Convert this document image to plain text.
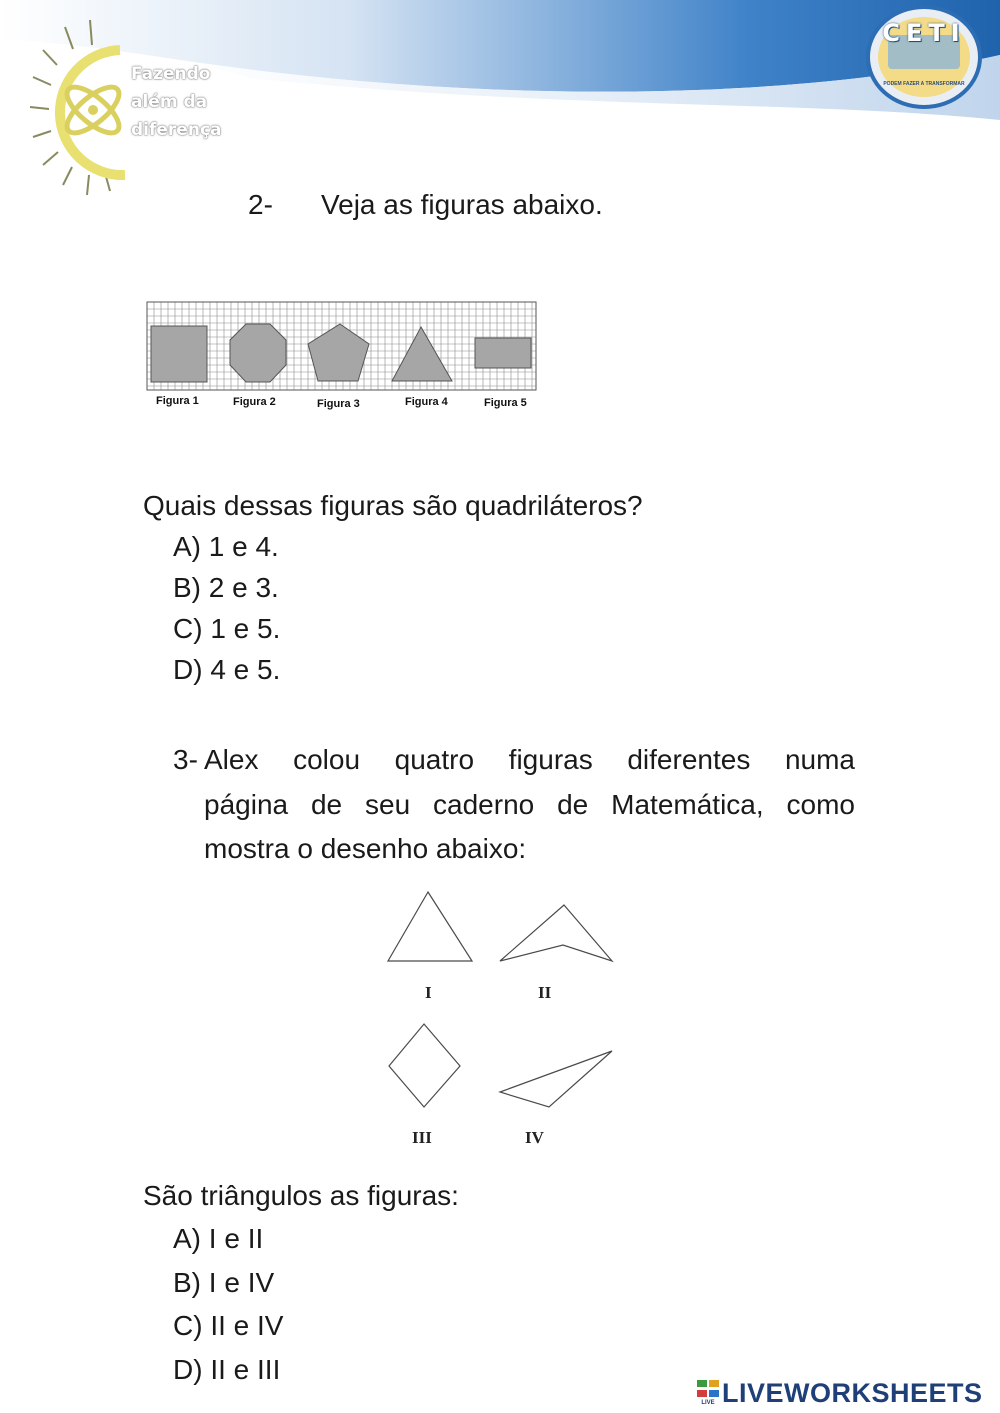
Fazendo
além da
diferença
CETI
PODEM FAZER A TRANSFORMAR
2- Veja as figuras abaixo.
Figura 1	Figura 2	Figura 3	Figura 4	Figura 5
Quais dessas figuras são quadriláteros?
A) 1 e 4.
B) 2 e 3.
C) 1 e 5.
D) 4 e 5.
3- Alex colou quatro figuras diferentes numa
página de seu caderno de Matemática, como
mostra o desenho abaixo:
I	II
III	IV
São triângulos as figuras:
A) I e II
B) I e IV
C) II e IV
D) II e III
LIVE LIVEWORKSHEETS
